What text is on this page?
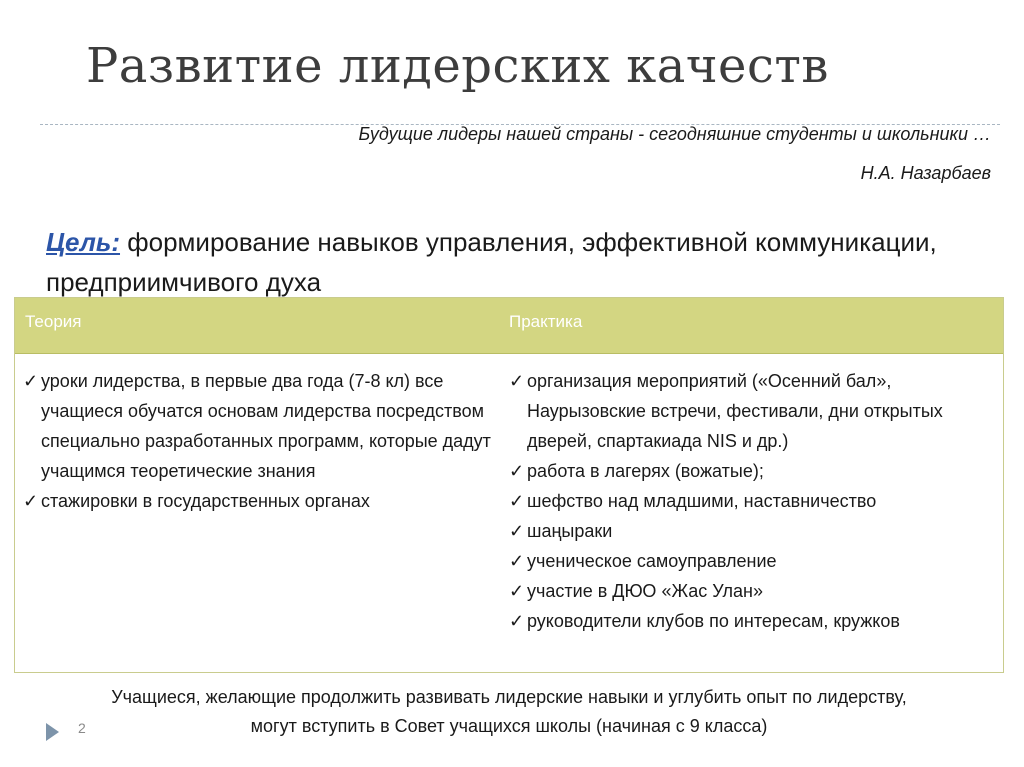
Развитие лидерских качеств
Будущие лидеры нашей страны - сегодняшние студенты и школьники …
Н.А. Назарбаев
Цель: формирование навыков управления, эффективной коммуникации, предприимчивого духа
Теория	Практика
✓ уроки лидерства, в первые два года (7-8 кл) все учащиеся обучатся основам лидерства посредством специально разработанных программ, которые дадут учащимся теоретические знания
✓ стажировки в государственных органах
✓ организация мероприятий («Осенний бал», Наурызовские встречи, фестивали, дни открытых дверей, спартакиада NIS и др.)
✓ работа в лагерях (вожатые);
✓ шефство над младшими, наставничество
✓ шаңыраки
✓ ученическое самоуправление
✓ участие в ДЮО «Жас Улан»
✓ руководители клубов по интересам, кружков
Учащиеся, желающие продолжить развивать лидерские навыки и углубить опыт по лидерству,
могут вступить в Совет учащихся школы (начиная с 9 класса)
2
